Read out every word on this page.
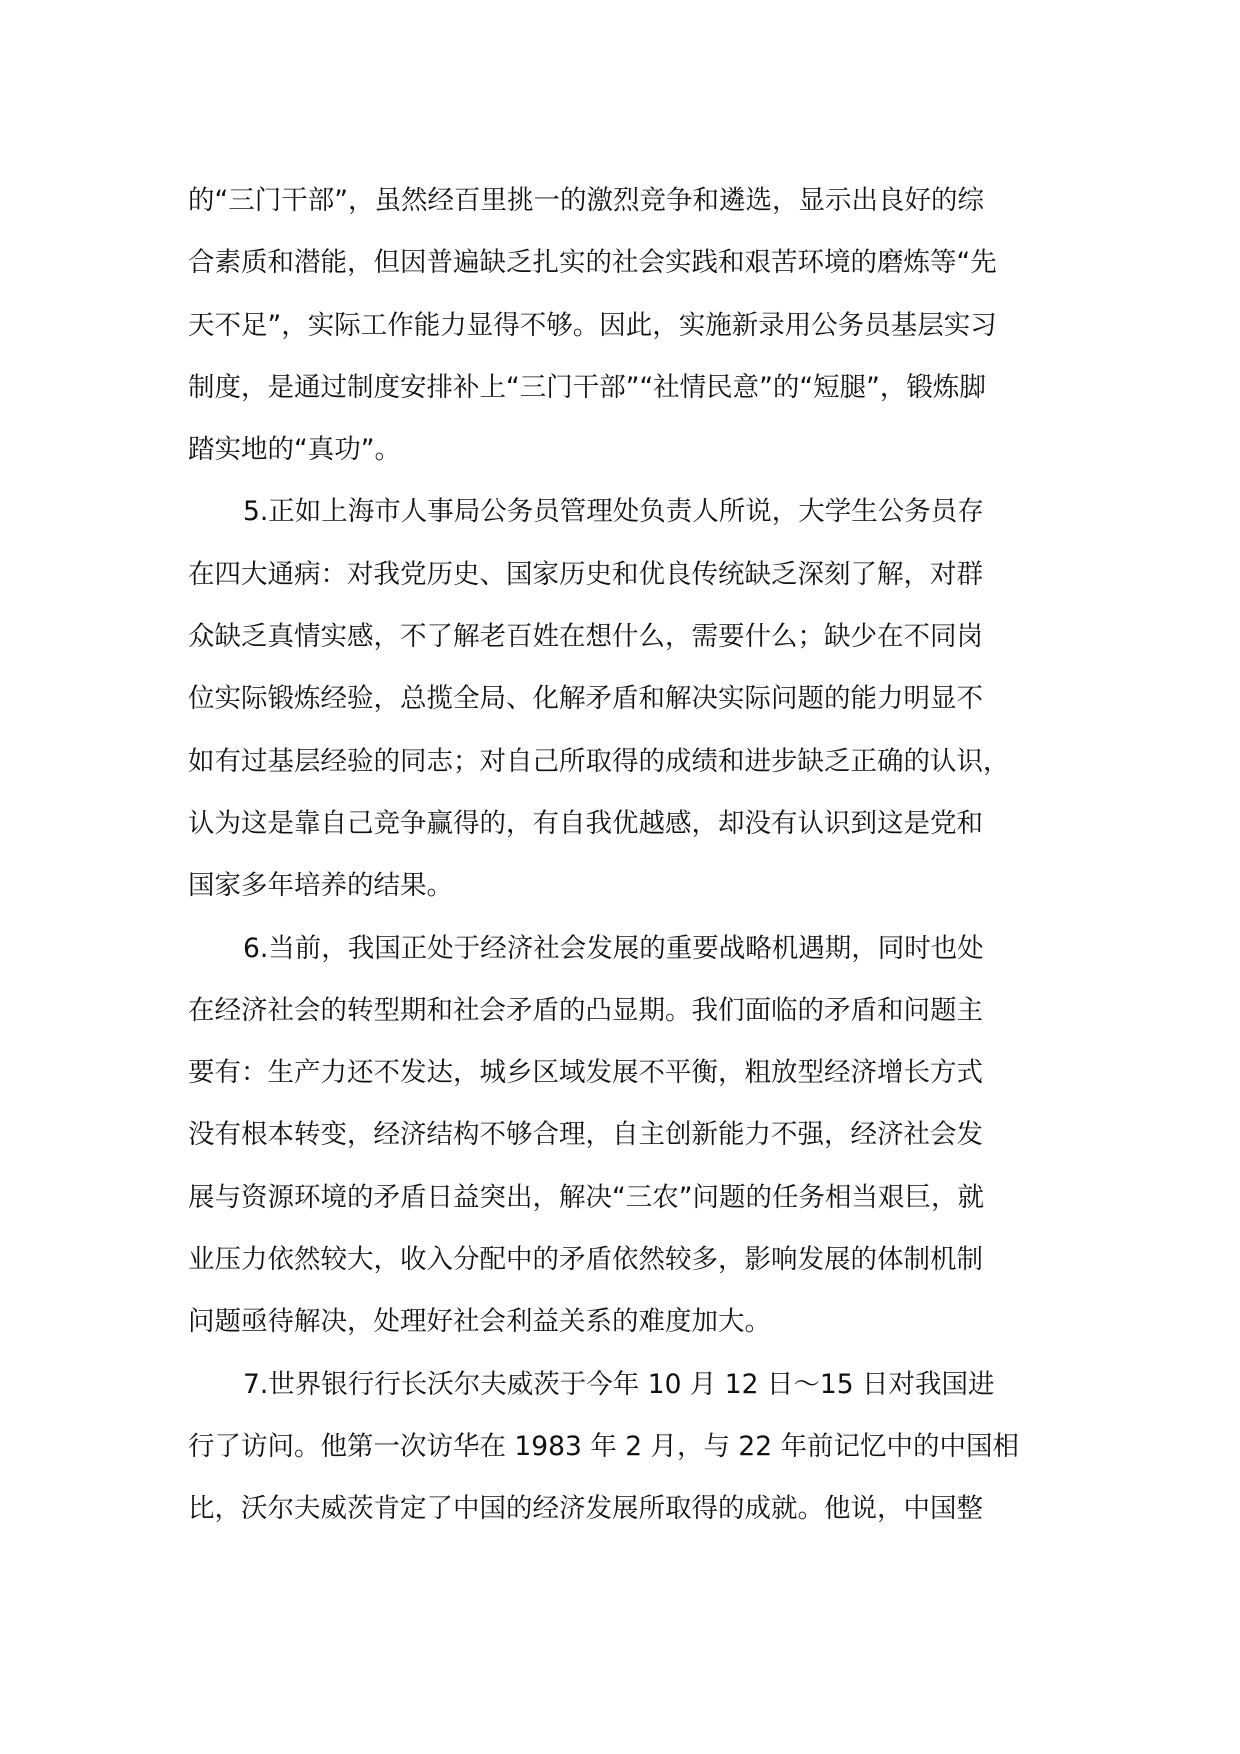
的“三门干部”，虽然经百里挑一的激烈竞争和遴选，显示出良好的综
合素质和潜能，但因普遍缺乏扎实的社会实践和艰苦环境的磨炼等“先
天不足”，实际工作能力显得不够。因此，实施新录用公务员基层实习
制度，是通过制度安排补上“三门干部”“社情民意”的“短腿”，锻炼脚
踏实地的“真功”。
5.正如上海市人事局公务员管理处负责人所说，大学生公务员存
在四大通病：对我党历史、国家历史和优良传统缺乏深刻了解，对群
众缺乏真情实感，不了解老百姓在想什么，需要什么；缺少在不同岗
位实际锻炼经验，总揽全局、化解矛盾和解决实际问题的能力明显不
如有过基层经验的同志；对自己所取得的成绩和进步缺乏正确的认识，
认为这是靠自己竞争赢得的，有自我优越感，却没有认识到这是党和
国家多年培养的结果。
6.当前，我国正处于经济社会发展的重要战略机遇期，同时也处
在经济社会的转型期和社会矛盾的凸显期。我们面临的矛盾和问题主
要有：生产力还不发达，城乡区域发展不平衡，粗放型经济增长方式
没有根本转变，经济结构不够合理，自主创新能力不强，经济社会发
展与资源环境的矛盾日益突出，解决“三农”问题的任务相当艰巨，就
业压力依然较大，收入分配中的矛盾依然较多，影响发展的体制机制
问题亟待解决，处理好社会利益关系的难度加大。
7.世界银行行长沃尔夫威茨于今年 10 月 12 日～15 日对我国进
行了访问。他第一次访华在 1983 年 2 月，与 22 年前记忆中的中国相
比，沃尔夫威茨肯定了中国的经济发展所取得的成就。他说，中国整
